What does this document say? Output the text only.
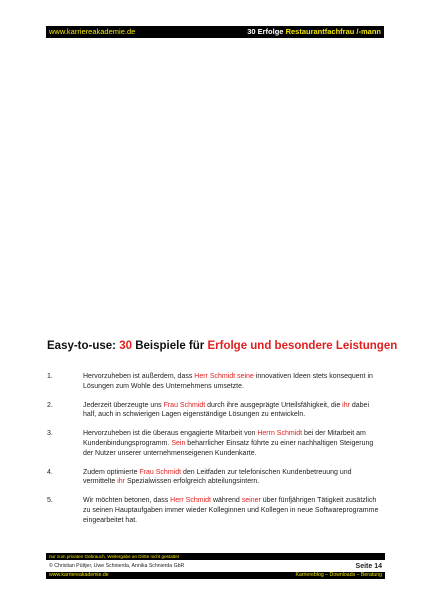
www.karriereakademie.de	30 Erfolge Restaurantfachfrau /-mann
Easy-to-use: 30 Beispiele für Erfolge und besondere Leistungen
1.	Hervorzuheben ist außerdem, dass Herr Schmidt seine innovativen Ideen stets konsequent in Lösungen zum Wohle des Unternehmens umsetzte.
2.	Jederzeit überzeugte uns Frau Schmidt durch ihre ausgeprägte Urteilsfähigkeit, die ihr dabei half, auch in schwierigen Lagen eigenständige Lösungen zu entwickeln.
3.	Hervorzuheben ist die überaus engagierte Mitarbeit von Herrn Schmidt bei der Mitarbeit am Kundenbindungsprogramm. Sein beharrlicher Einsatz führte zu einer nachhaltigen Steigerung der Nutzer unserer unternehmenseigenen Kundenkarte.
4.	Zudem optimierte Frau Schmidt den Leitfaden zur telefonischen Kundenbetreuung und vermittelte ihr Spezialwissen erfolgreich abteilungsintern.
5.	Wir möchten betonen, dass Herr Schmidt während seiner über fünfjährigen Tätigkeit zusätzlich zu seinen Hauptaufgaben immer wieder Kolleginnen und Kollegen in neue Softwareprogramme eingearbeitet hat.
nur zum privaten Gebrauch, Weitergabe an Dritte nicht gestattet
© Christian Püttjer, Uwe Schnierda, Annika Schnierda GbR	Seite 14
www.karriereakademie.de	Karriereblog – Downloads – Beratung
